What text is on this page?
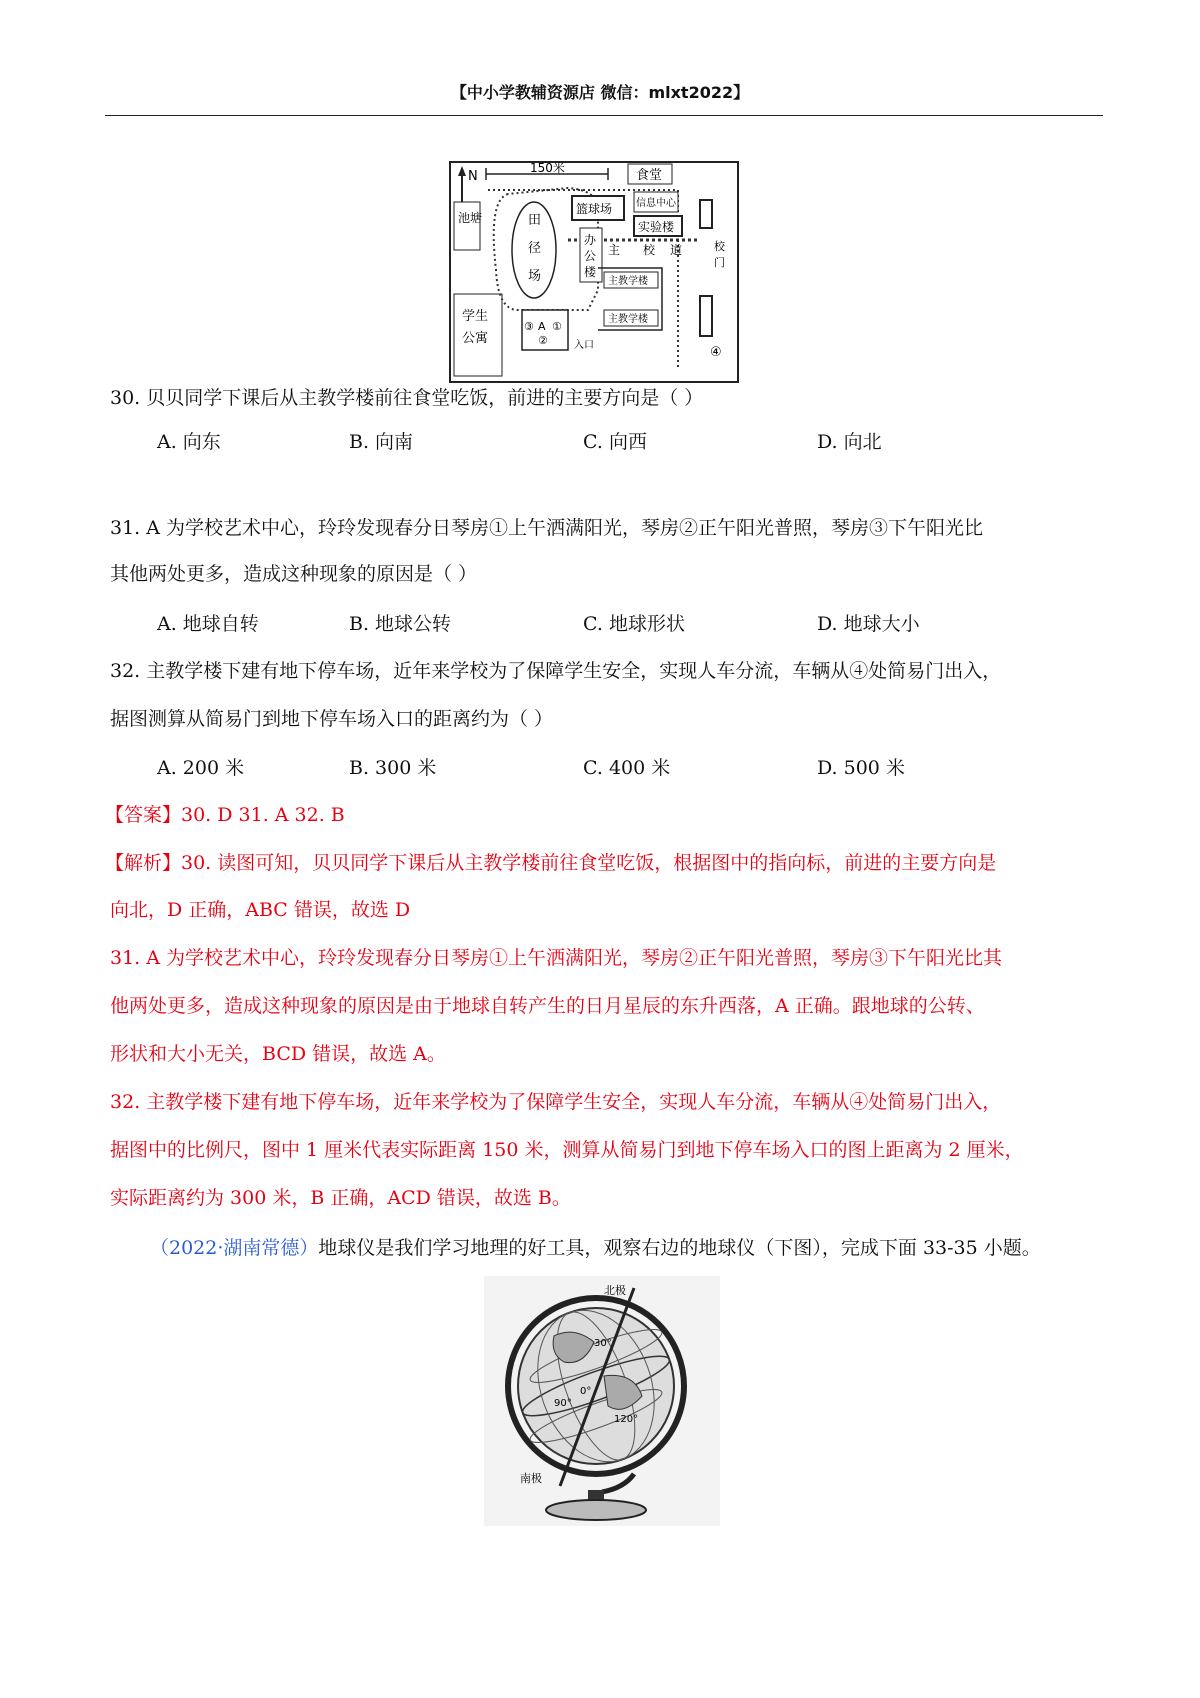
【中小学教辅资源店 微信：mlxt2022】
N
150米	食堂
池塘
学生
公寓
田
径
场
篮球场 信息中心
实验楼
办
公
楼
主 校 道
主教学楼
主教学楼
③ A ①
②	入口
校
门
④
30. 贝贝同学下课后从主教学楼前往食堂吃饭，前进的主要方向是（ ）
A. 向东	B. 向南	C. 向西	D. 向北
31. A 为学校艺术中心，玲玲发现春分日琴房①上午洒满阳光，琴房②正午阳光普照，琴房③下午阳光比
其他两处更多，造成这种现象的原因是（ ）
A. 地球自转	B. 地球公转	C. 地球形状	D. 地球大小
32. 主教学楼下建有地下停车场，近年来学校为了保障学生安全，实现人车分流，车辆从④处简易门出入，
据图测算从简易门到地下停车场入口的距离约为（ ）
A. 200 米	B. 300 米	C. 400 米	D. 500 米
【答案】30. D 31. A 32. B
【解析】30. 读图可知，贝贝同学下课后从主教学楼前往食堂吃饭，根据图中的指向标，前进的主要方向是
向北，D 正确，ABC 错误，故选 D
31. A 为学校艺术中心，玲玲发现春分日琴房①上午洒满阳光，琴房②正午阳光普照，琴房③下午阳光比其
他两处更多，造成这种现象的原因是由于地球自转产生的日月星辰的东升西落，A 正确。跟地球的公转、
形状和大小无关，BCD 错误，故选 A。
32. 主教学楼下建有地下停车场，近年来学校为了保障学生安全，实现人车分流，车辆从④处简易门出入，
据图中的比例尺，图中 1 厘米代表实际距离 150 米，测算从简易门到地下停车场入口的图上距离为 2 厘米，
实际距离约为 300 米，B 正确，ACD 错误，故选 B。
（2022·湖南常德）地球仪是我们学习地理的好工具，观察右边的地球仪（下图），完成下面 33-35 小题。
北极
南极
30°
0°
90°
120°
